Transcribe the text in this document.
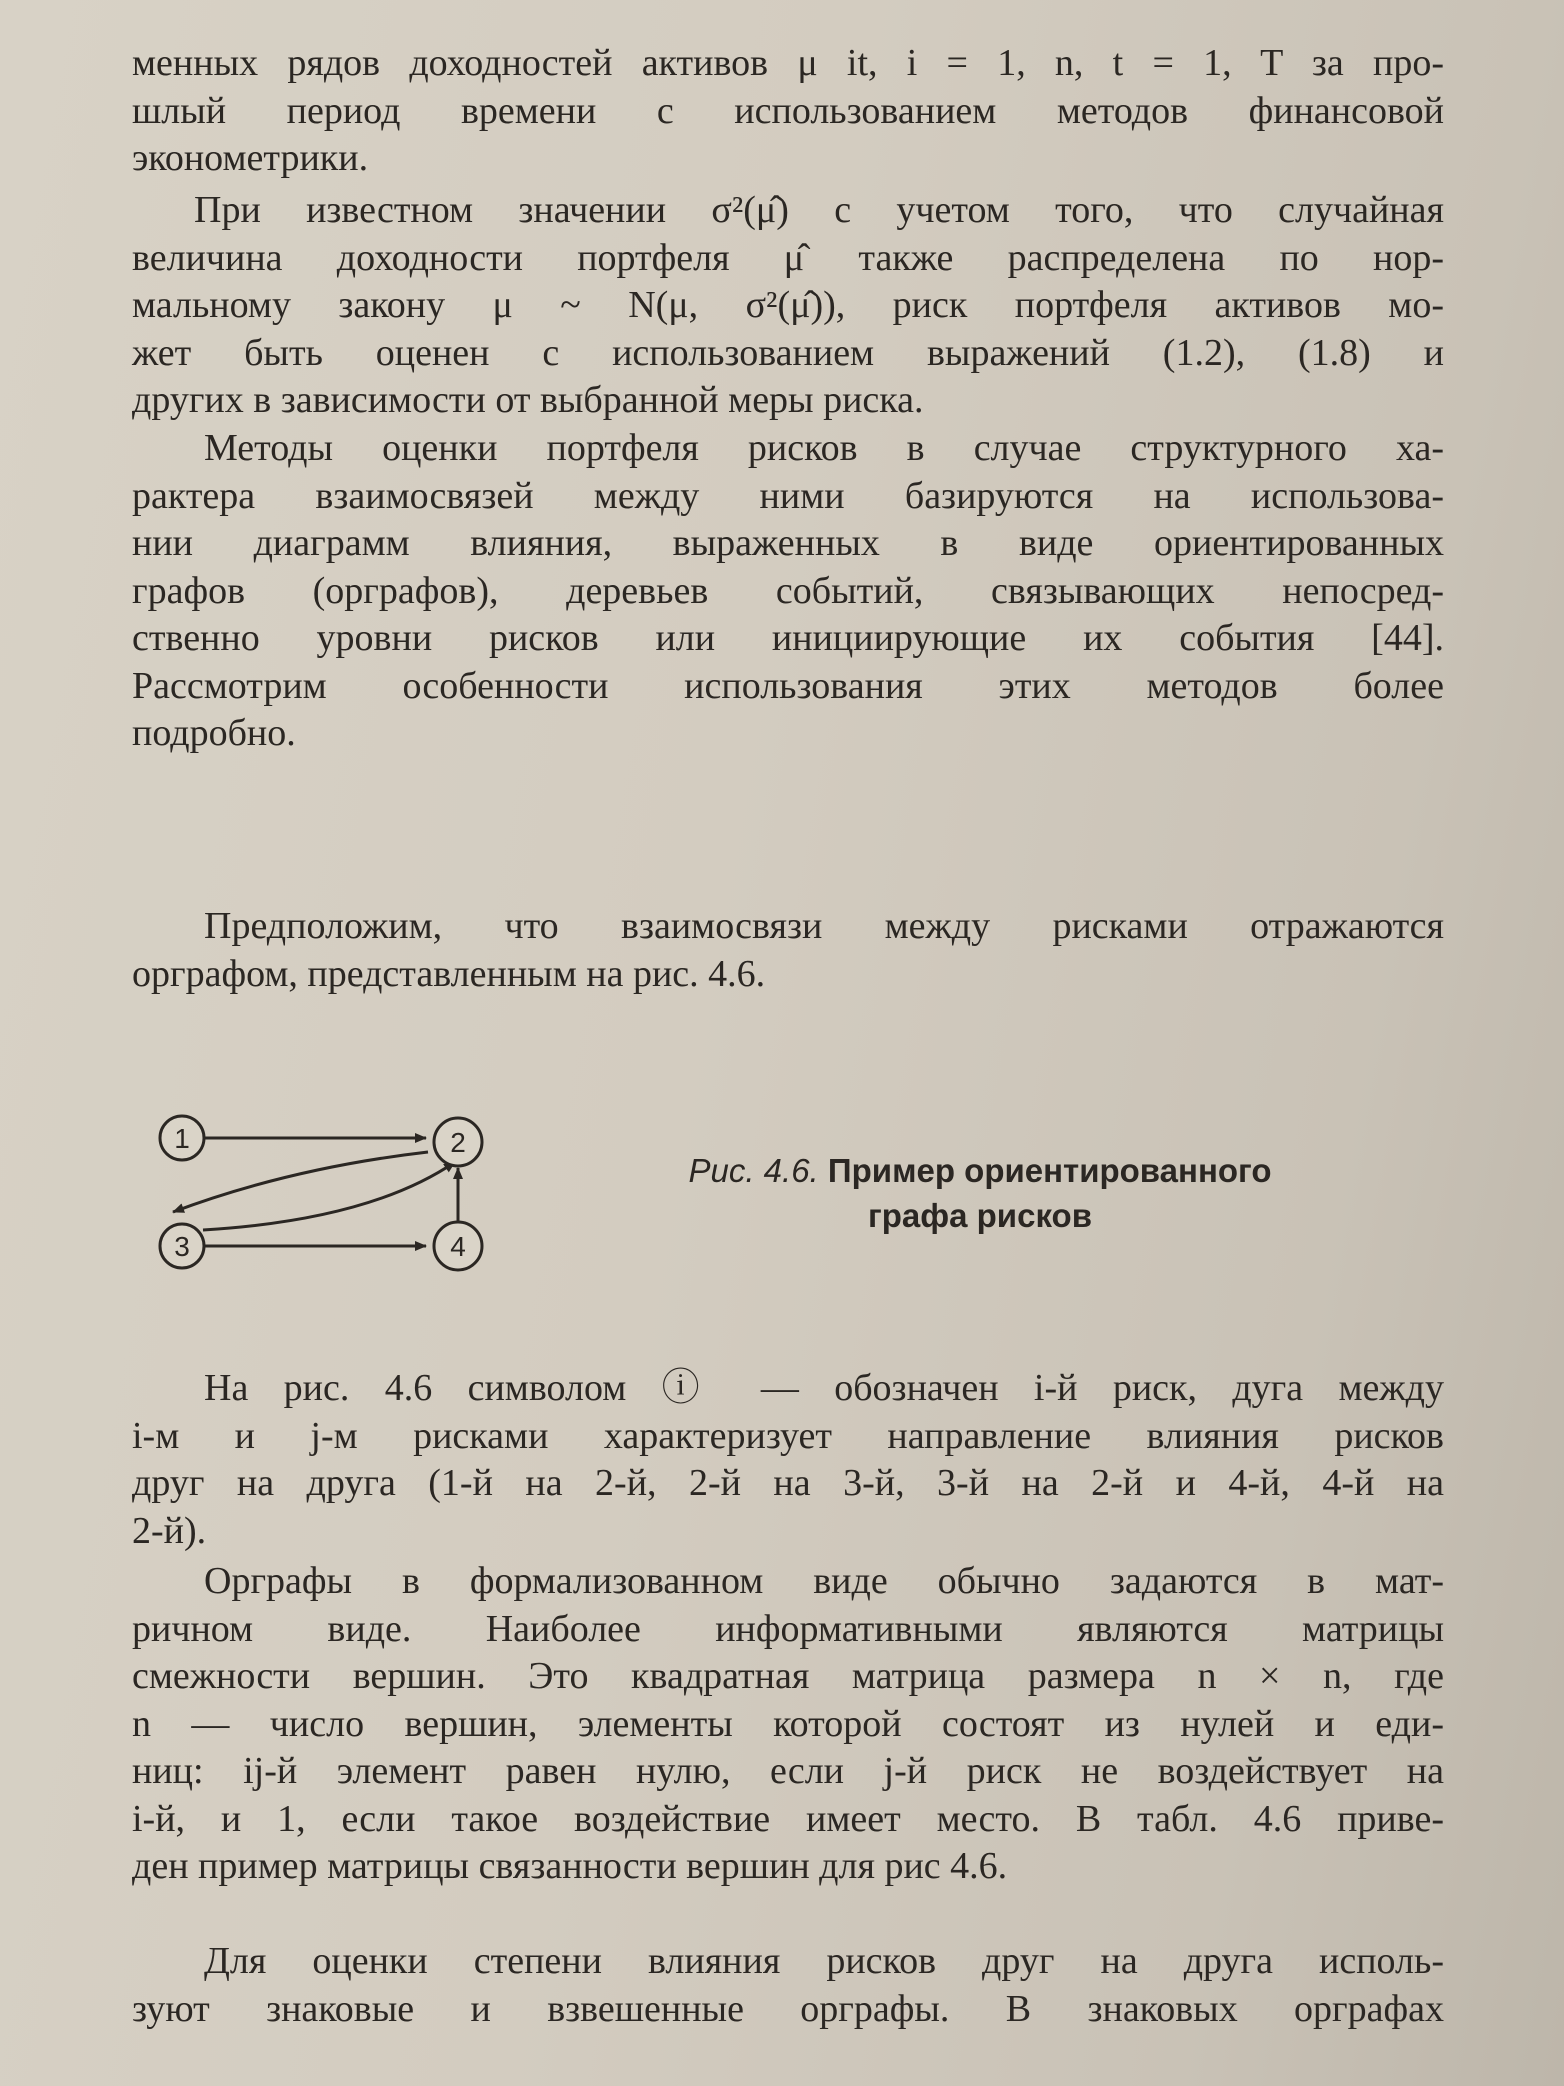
менных рядов доходностей активов μ it, i = 1, n, t = 1, T за про-
шлый период времени с использованием методов финансовой
эконометрики.
При известном значении σ²(μ̂) с учетом того, что случайная
величина доходности портфеля μ̂ также распределена по нор-
мальному закону μ ~ N(μ, σ²(μ̂)), риск портфеля активов мо-
жет быть оценен с использованием выражений (1.2), (1.8) и
других в зависимости от выбранной меры риска.
Методы оценки портфеля рисков в случае структурного ха-
рактера взаимосвязей между ними базируются на использова-
нии диаграмм влияния, выраженных в виде ориентированных
графов (орграфов), деревьев событий, связывающих непосред-
ственно уровни рисков или инициирующие их события [44].
Рассмотрим особенности использования этих методов более
подробно.
Предположим, что взаимосвязи между рисками отражаются
орграфом, представленным на рис. 4.6.
1	2
3	4
Рис. 4.6. Пример ориентированного
графа рисков
На рис. 4.6 символом ⓘ — обозначен i-й риск, дуга между
i-м и j-м рисками характеризует направление влияния рисков
друг на друга (1-й на 2-й, 2-й на 3-й, 3-й на 2-й и 4-й, 4-й на
2-й).
Орграфы в формализованном виде обычно задаются в мат-
ричном виде. Наиболее информативными являются матрицы
смежности вершин. Это квадратная матрица размера n × n, где
n — число вершин, элементы которой состоят из нулей и еди-
ниц: ij-й элемент равен нулю, если j-й риск не воздействует на
i-й, и 1, если такое воздействие имеет место. В табл. 4.6 приве-
ден пример матрицы связанности вершин для рис 4.6.
Для оценки степени влияния рисков друг на друга исполь-
зуют знаковые и взвешенные орграфы. В знаковых орграфах
